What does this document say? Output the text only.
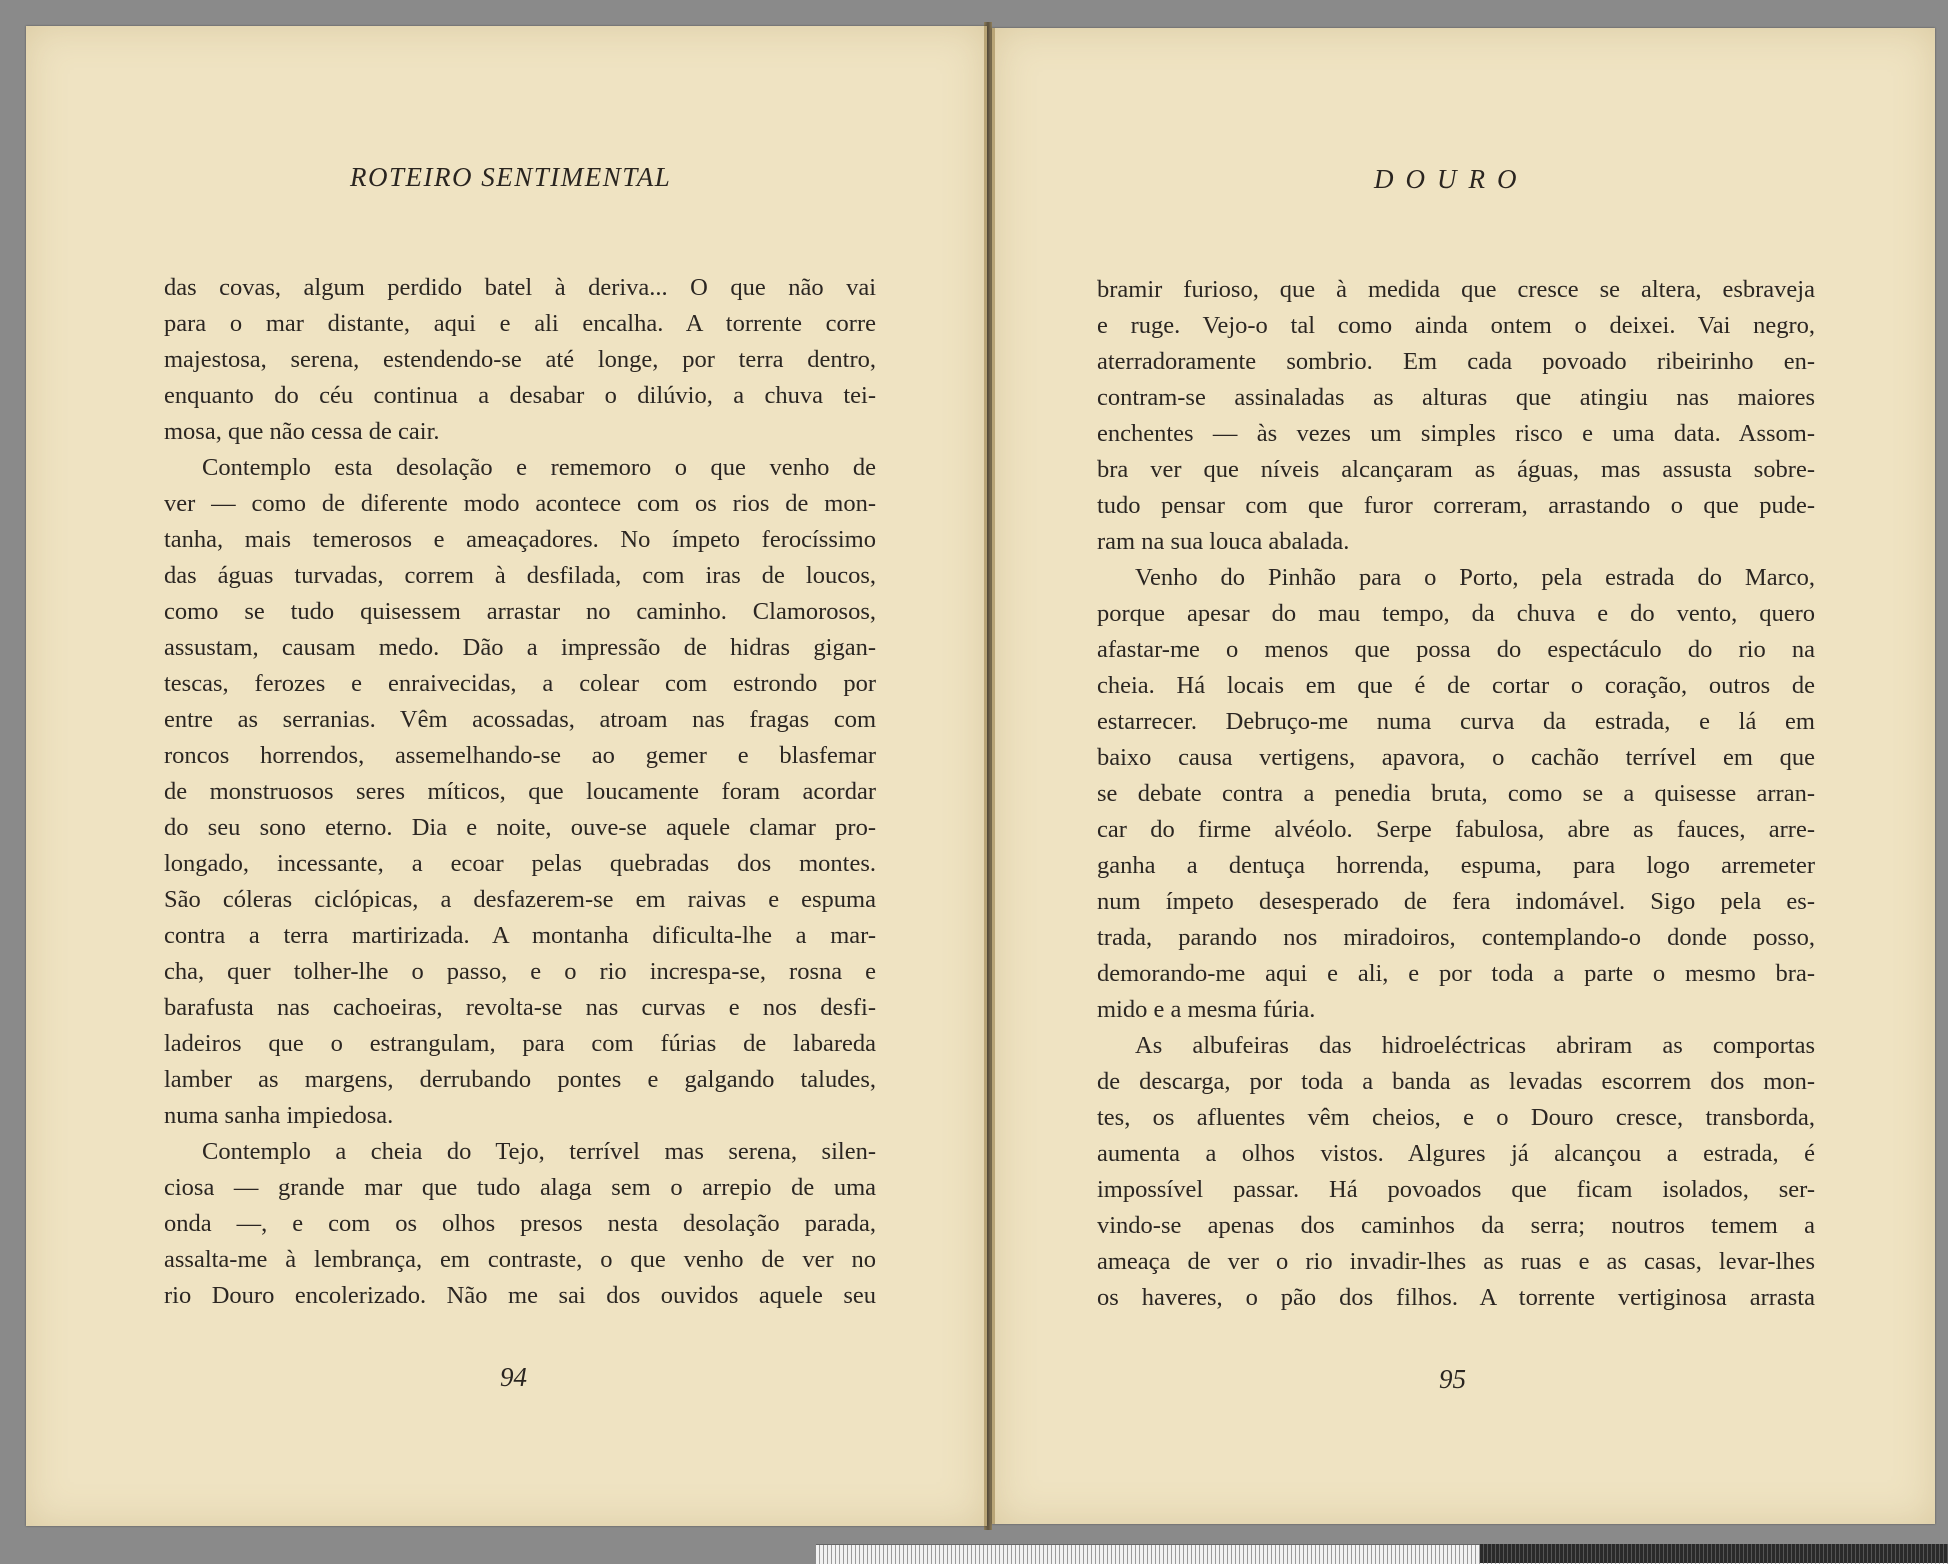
ROTEIRO SENTIMENTAL
das covas, algum perdido batel à deriva... O que não vai
para o mar distante, aqui e ali encalha. A torrente corre
majestosa, serena, estendendo-se até longe, por terra dentro,
enquanto do céu continua a desabar o dilúvio, a chuva tei-
mosa, que não cessa de cair.
Contemplo esta desolação e rememoro o que venho de
ver — como de diferente modo acontece com os rios de mon-
tanha, mais temerosos e ameaçadores. No ímpeto ferocíssimo
das águas turvadas, correm à desfilada, com iras de loucos,
como se tudo quisessem arrastar no caminho. Clamorosos,
assustam, causam medo. Dão a impressão de hidras gigan-
tescas, ferozes e enraivecidas, a colear com estrondo por
entre as serranias. Vêm acossadas, atroam nas fragas com
roncos horrendos, assemelhando-se ao gemer e blasfemar
de monstruosos seres míticos, que loucamente foram acordar
do seu sono eterno. Dia e noite, ouve-se aquele clamar pro-
longado, incessante, a ecoar pelas quebradas dos montes.
São cóleras ciclópicas, a desfazerem-se em raivas e espuma
contra a terra martirizada. A montanha dificulta-lhe a mar-
cha, quer tolher-lhe o passo, e o rio increspa-se, rosna e
barafusta nas cachoeiras, revolta-se nas curvas e nos desfi-
ladeiros que o estrangulam, para com fúrias de labareda
lamber as margens, derrubando pontes e galgando taludes,
numa sanha impiedosa.
Contemplo a cheia do Tejo, terrível mas serena, silen-
ciosa — grande mar que tudo alaga sem o arrepio de uma
onda —, e com os olhos presos nesta desolação parada,
assalta-me à lembrança, em contraste, o que venho de ver no
rio Douro encolerizado. Não me sai dos ouvidos aquele seu
94
DOURO
bramir furioso, que à medida que cresce se altera, esbraveja
e ruge. Vejo-o tal como ainda ontem o deixei. Vai negro,
aterradoramente sombrio. Em cada povoado ribeirinho en-
contram-se assinaladas as alturas que atingiu nas maiores
enchentes — às vezes um simples risco e uma data. Assom-
bra ver que níveis alcançaram as águas, mas assusta sobre-
tudo pensar com que furor correram, arrastando o que pude-
ram na sua louca abalada.
Venho do Pinhão para o Porto, pela estrada do Marco,
porque apesar do mau tempo, da chuva e do vento, quero
afastar-me o menos que possa do espectáculo do rio na
cheia. Há locais em que é de cortar o coração, outros de
estarrecer. Debruço-me numa curva da estrada, e lá em
baixo causa vertigens, apavora, o cachão terrível em que
se debate contra a penedia bruta, como se a quisesse arran-
car do firme alvéolo. Serpe fabulosa, abre as fauces, arre-
ganha a dentuça horrenda, espuma, para logo arremeter
num ímpeto desesperado de fera indomável. Sigo pela es-
trada, parando nos miradoiros, contemplando-o donde posso,
demorando-me aqui e ali, e por toda a parte o mesmo bra-
mido e a mesma fúria.
As albufeiras das hidroeléctricas abriram as comportas
de descarga, por toda a banda as levadas escorrem dos mon-
tes, os afluentes vêm cheios, e o Douro cresce, transborda,
aumenta a olhos vistos. Algures já alcançou a estrada, é
impossível passar. Há povoados que ficam isolados, ser-
vindo-se apenas dos caminhos da serra; noutros temem a
ameaça de ver o rio invadir-lhes as ruas e as casas, levar-lhes
os haveres, o pão dos filhos. A torrente vertiginosa arrasta
95
